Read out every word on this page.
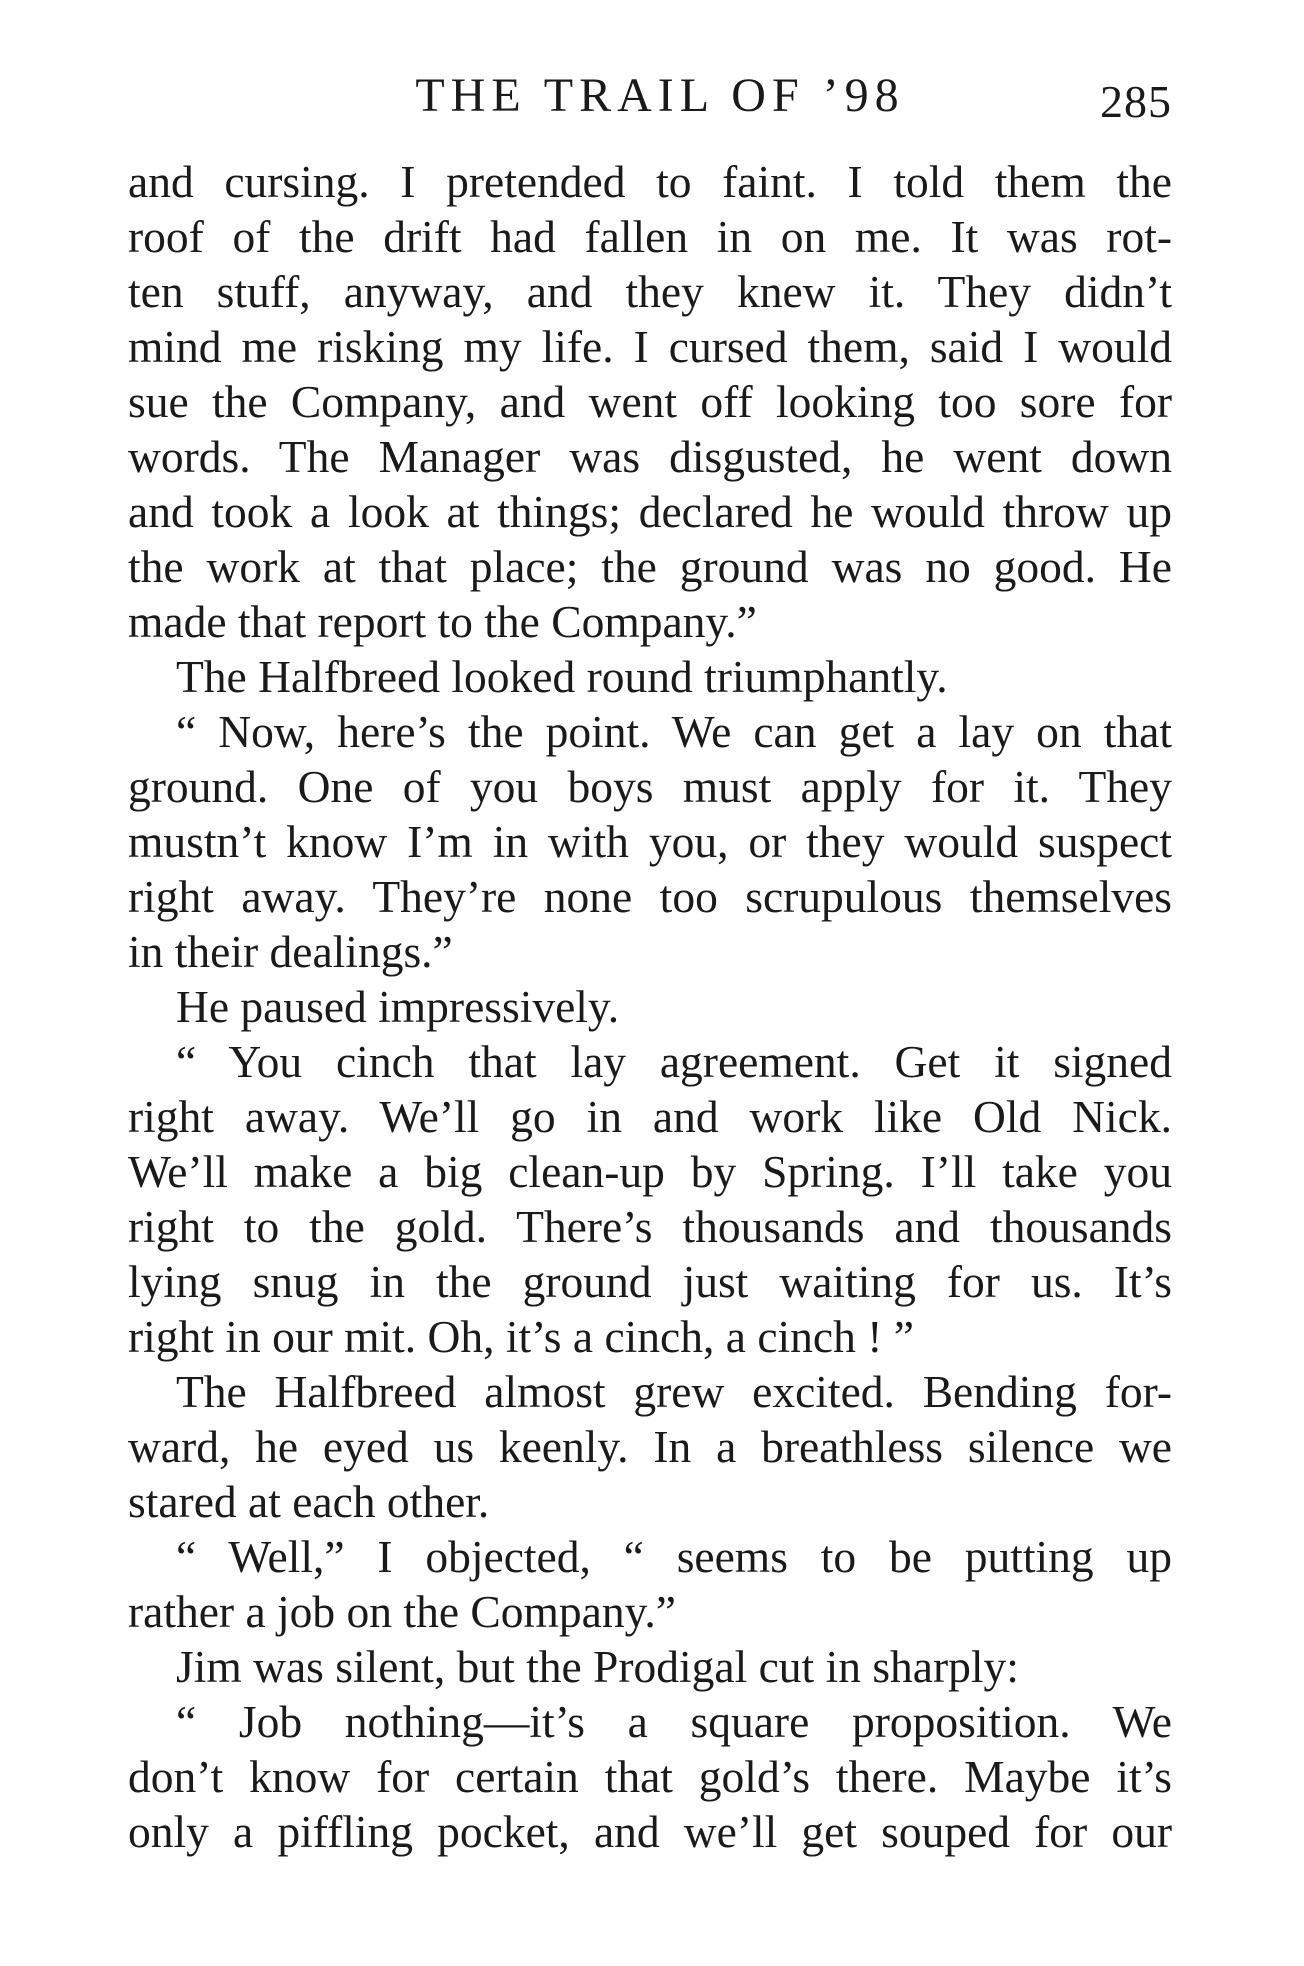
THE TRAIL OF ’98	285
and cursing. I pretended to faint. I told them the
roof of the drift had fallen in on me. It was rot-
ten stuff, anyway, and they knew it. They didn’t
mind me risking my life. I cursed them, said I would
sue the Company, and went off looking too sore for
words. The Manager was disgusted, he went down
and took a look at things; declared he would throw up
the work at that place; the ground was no good. He
made that report to the Company.”
The Halfbreed looked round triumphantly.
“ Now, here’s the point. We can get a lay on that
ground. One of you boys must apply for it. They
mustn’t know I’m in with you, or they would suspect
right away. They’re none too scrupulous themselves
in their dealings.”
He paused impressively.
“ You cinch that lay agreement. Get it signed
right away. We’ll go in and work like Old Nick.
We’ll make a big clean-up by Spring. I’ll take you
right to the gold. There’s thousands and thousands
lying snug in the ground just waiting for us. It’s
right in our mit. Oh, it’s a cinch, a cinch ! ”
The Halfbreed almost grew excited. Bending for-
ward, he eyed us keenly. In a breathless silence we
stared at each other.
“ Well,” I objected, “ seems to be putting up
rather a job on the Company.”
Jim was silent, but the Prodigal cut in sharply:
“ Job nothing—it’s a square proposition. We
don’t know for certain that gold’s there. Maybe it’s
only a piffling pocket, and we’ll get souped for our
